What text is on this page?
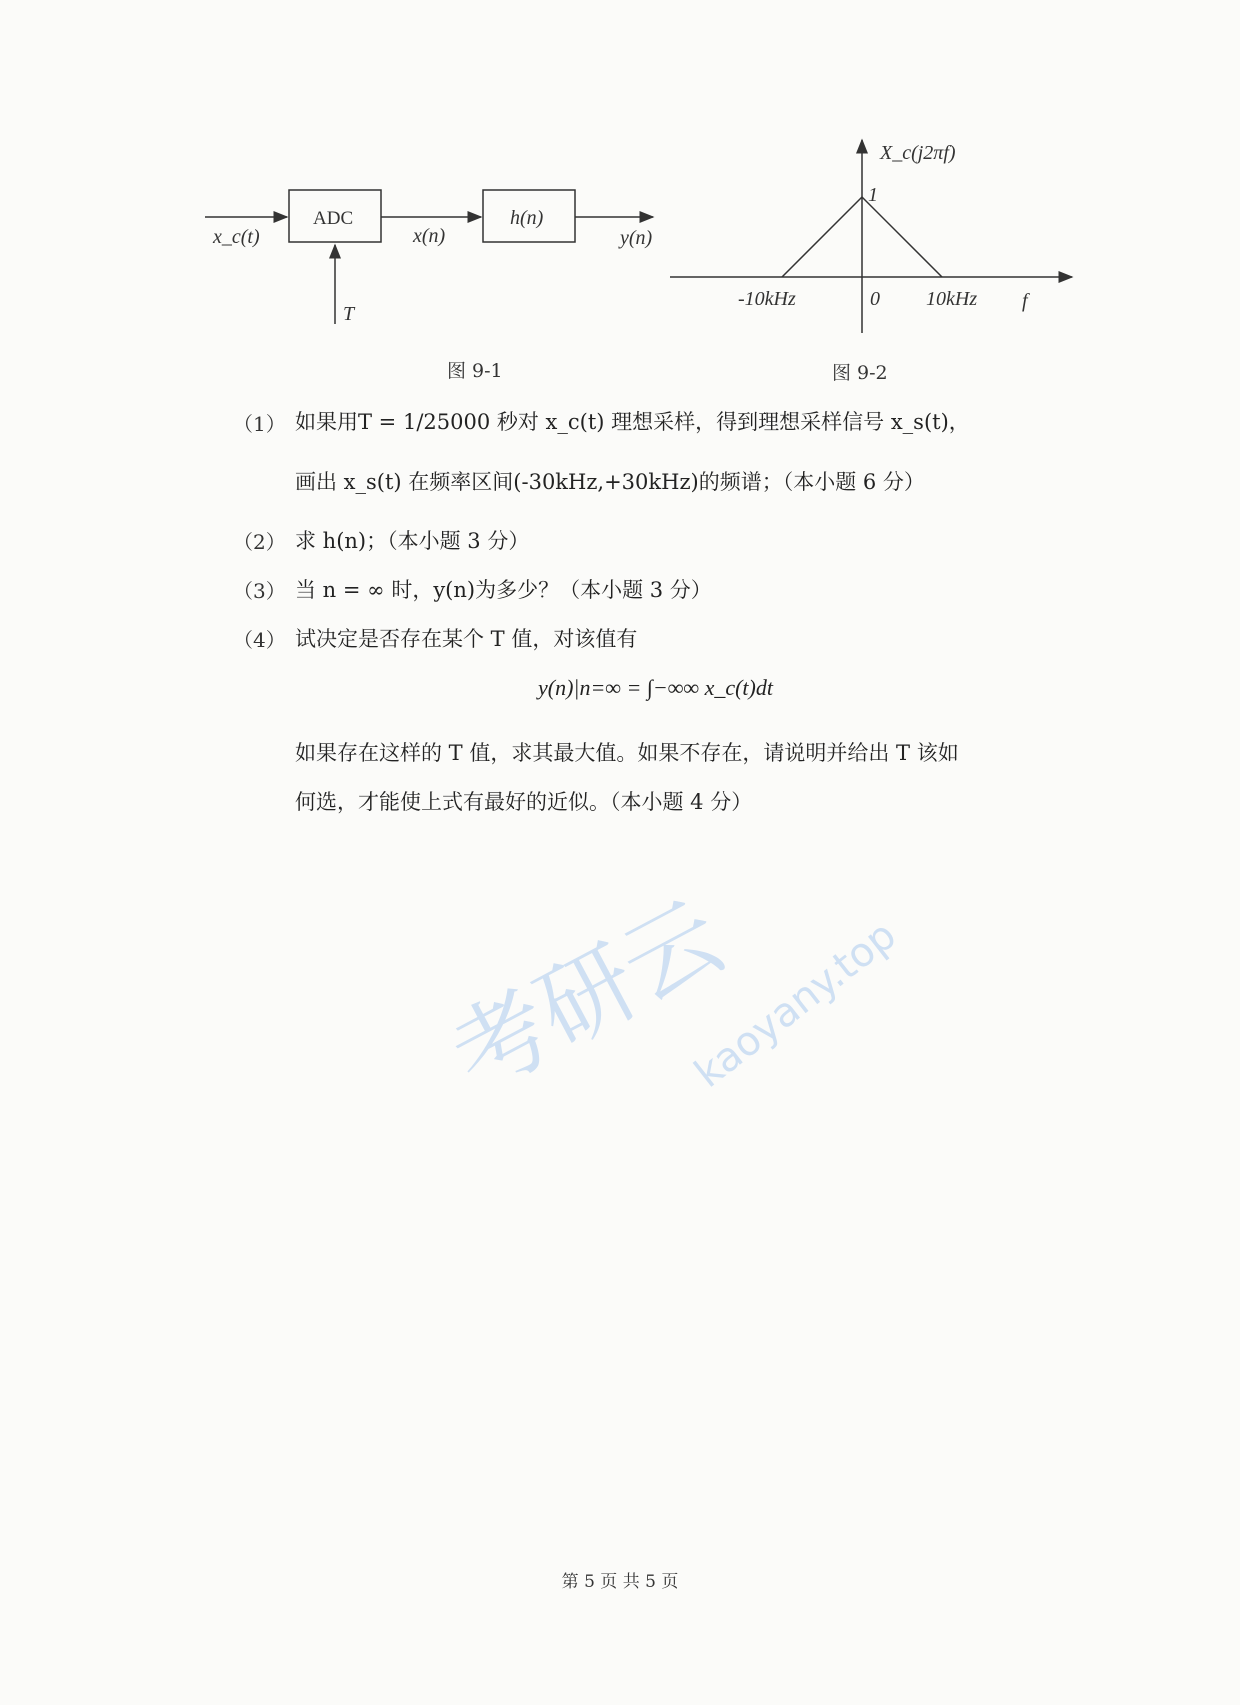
x_c(t)
ADC
x(n)
h(n)
y(n)
T
X_c(j2πf)
1
-10kHz	0 10kHz f
图 9-1	图 9-2
（1） 如果用T = 1/25000 秒对 x_c(t) 理想采样，得到理想采样信号 x_s(t)，
画出 x_s(t) 在频率区间(-30kHz,+30kHz)的频谱；（本小题 6 分）
（2） 求 h(n)；（本小题 3 分）
（3） 当 n = ∞ 时，y(n)为多少？（本小题 3 分）
（4） 试决定是否存在某个 T 值，对该值有
y(n)|n=∞ = ∫−∞∞ x_c(t)dt
如果存在这样的 T 值，求其最大值。如果不存在，请说明并给出 T 该如
何选，才能使上式有最好的近似。（本小题 4 分）
第 5 页 共 5 页
考研云
kaoyany.top
